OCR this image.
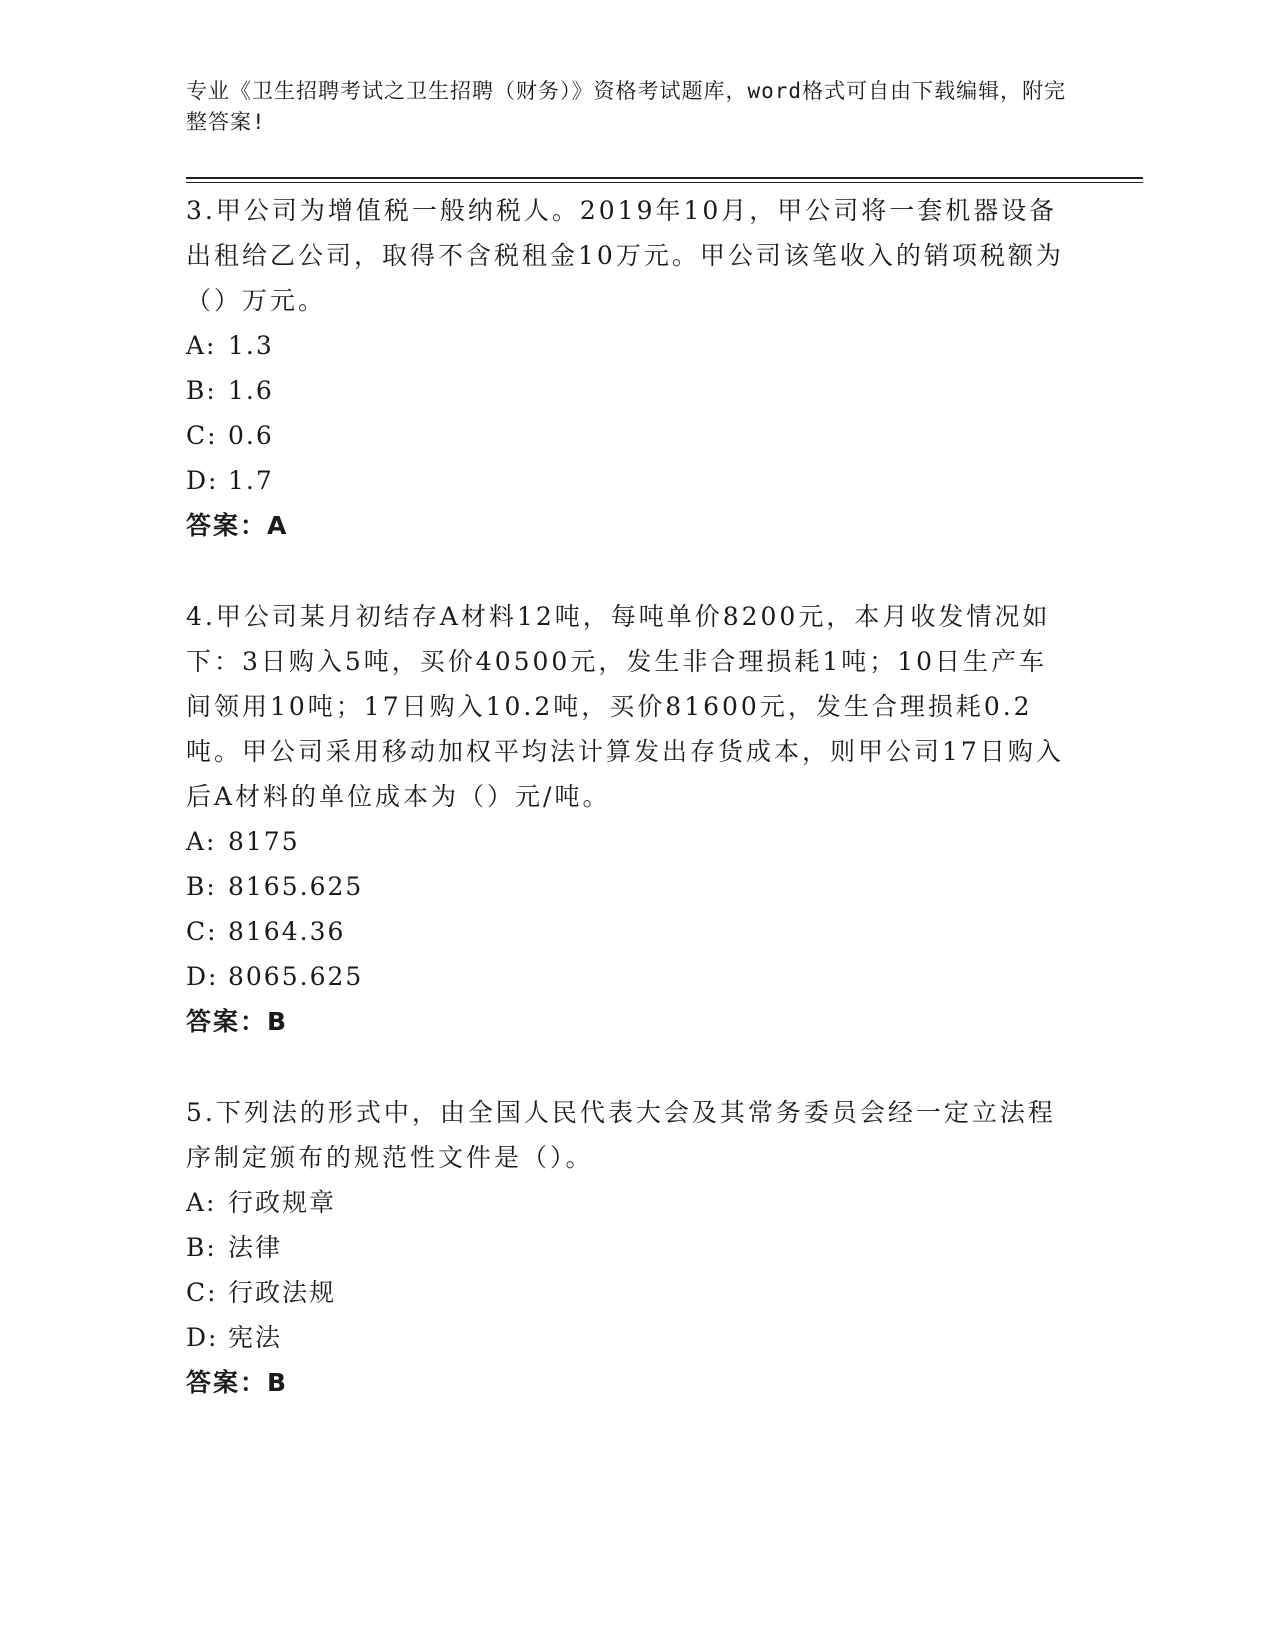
专业《卫生招聘考试之卫生招聘（财务）》资格考试题库，word格式可自由下载编辑，附完整答案!
3.甲公司为增值税一般纳税人。2019年10月，甲公司将一套机器设备出租给乙公司，取得不含税租金10万元。甲公司该笔收入的销项税额为（）万元。
A: 1.3
B: 1.6
C: 0.6
D: 1.7
答案：A
4.甲公司某月初结存A材料12吨，每吨单价8200元，本月收发情况如下：3日购入5吨，买价40500元，发生非合理损耗1吨；10日生产车间领用10吨；17日购入10.2吨，买价81600元，发生合理损耗0.2吨。甲公司采用移动加权平均法计算发出存货成本，则甲公司17日购入后A材料的单位成本为（）元/吨。
A: 8175
B: 8165.625
C: 8164.36
D: 8065.625
答案：B
5.下列法的形式中，由全国人民代表大会及其常务委员会经一定立法程序制定颁布的规范性文件是（）。
A: 行政规章
B: 法律
C: 行政法规
D: 宪法
答案：B
